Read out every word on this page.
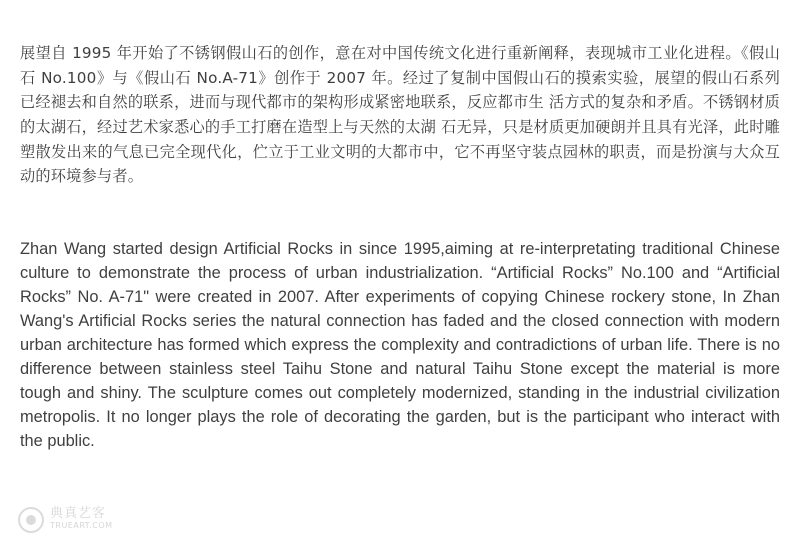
展望自 1995 年开始了不锈钢假山石的创作，意在对中国传统文化进行重新阐释，表现城市工业化进程。《假山石 No.100》与《假山石 No.A-71》创作于 2007 年。经过了复制中国假山石的摸索实验，展望的假山石系列已经褪去和自然的联系，进而与现代都市的架构形成紧密地联系，反应都市生 活方式的复杂和矛盾。不锈钢材质的太湖石，经过艺术家悉心的手工打磨在造型上与天然的太湖 石无异，只是材质更加硬朗并且具有光泽，此时雕塑散发出来的气息已完全现代化，伫立于工业文明的大都市中，它不再坚守装点园林的职责，而是扮演与大众互动的环境参与者。

Zhan Wang started design Artificial Rocks in since 1995,aiming at re-interpretating traditional Chinese culture to demonstrate the process of urban industrialization. “Artificial Rocks” No.100 and “Artificial Rocks” No. A-71" were created in 2007. After experiments of copying Chinese rockery stone, In Zhan Wang's Artificial Rocks series the natural connection has faded and the closed connection with modern urban architecture has formed which express the complexity and contradictions of urban life. There is no difference between stainless steel Taihu Stone and natural Taihu Stone except the material is more tough and shiny. The sculpture comes out completely modernized, standing in the industrial civilization metropolis. It no longer plays the role of decorating the garden, but is the participant who interact with the public.

典真艺客
TRUEART.COM
